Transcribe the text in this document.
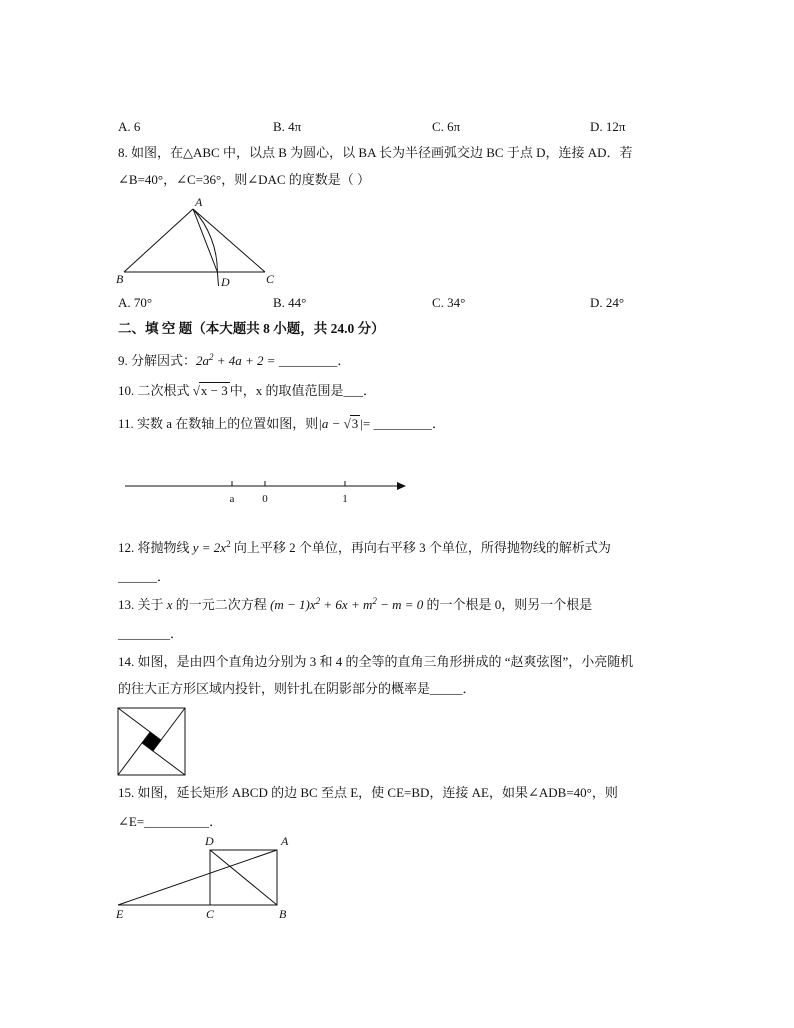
A. 6	B. 4π	C. 6π	D. 12π
8. 如图，在△ABC 中，以点 B 为圆心，以 BA 长为半径画弧交边 BC 于点 D，连接 AD．若
∠B=40°，∠C=36°，则∠DAC 的度数是（ ）
A. 70°	B. 44°	C. 34°	D. 24°
二、填 空 题（本大题共 8 小题，共 24.0 分）
9. 分解因式：$2a^2 + 4a + 2$ = _________．
10. 二次根式 √x − 3 中，x 的取值范围是___．
11. 实数 a 在数轴上的位置如图，则|a − √3 |= _________．
12. 将抛物线 $y = 2x^2$ 向上平移 2 个单位，再向右平移 3 个单位，所得抛物线的解析式为
______．
13. 关于 x 的一元二次方程 $(m - 1)x^2 + 6x + m^2 - m = 0$ 的一个根是 0，则另一个根是
________．
14. 如图，是由四个直角边分别为 3 和 4 的全等的直角三角形拼成的 “赵爽弦图”，小亮随机
的往大正方形区域内投针，则针扎在阴影部分的概率是_____．
15. 如图，延长矩形 ABCD 的边 BC 至点 E，使 CE=BD，连接 AE，如果∠ADB=40°，则
∠E=__________．
A
B	C
D
a	0	1
D	A
E	C	B
